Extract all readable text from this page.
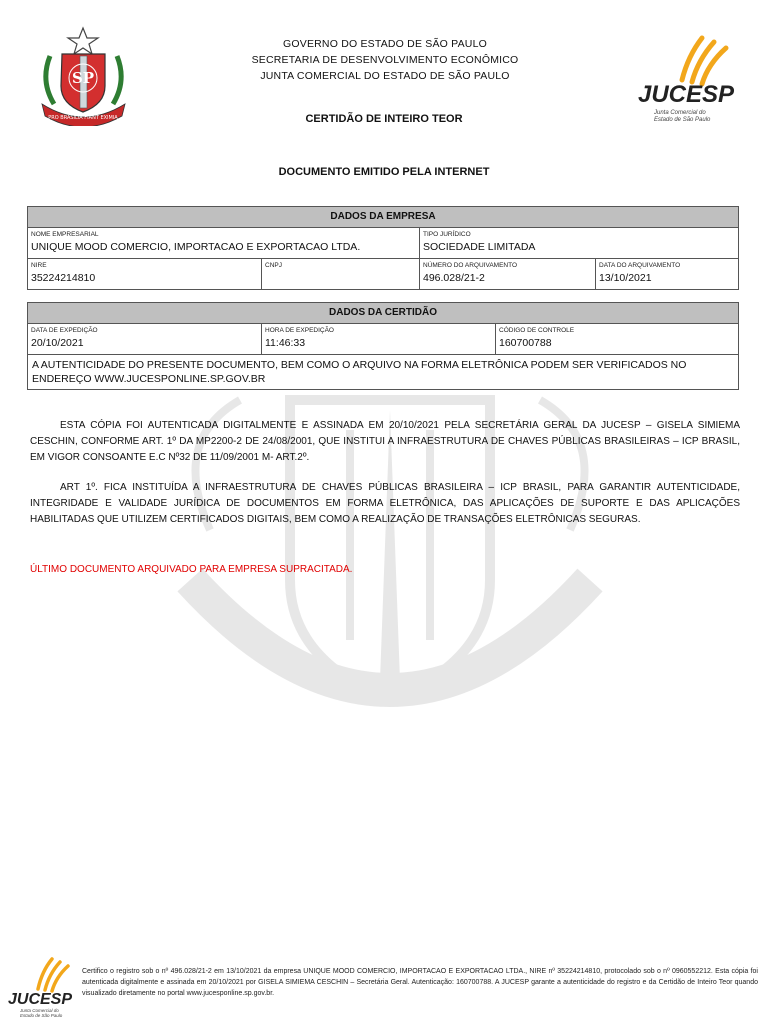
SP
PRO BRASILIA FIANT EXIMIA
GOVERNO DO ESTADO DE SÃO PAULO
SECRETARIA DE DESENVOLVIMENTO ECONÔMICO
JUNTA COMERCIAL DO ESTADO DE SÃO PAULO
JUCESP
Junta Comercial do
Estado de São Paulo
CERTIDÃO DE INTEIRO TEOR
DOCUMENTO EMITIDO PELA INTERNET
DADOS DA EMPRESA
NOME EMPRESARIAL
UNIQUE MOOD COMERCIO, IMPORTACAO E EXPORTACAO LTDA.
TIPO JURÍDICO
SOCIEDADE LIMITADA
NIRE
35224214810
CNPJ	NÚMERO DO ARQUIVAMENTO
496.028/21-2
DATA DO ARQUIVAMENTO
13/10/2021
DADOS DA CERTIDÃO
DATA DE EXPEDIÇÃO
20/10/2021
HORA DE EXPEDIÇÃO
11:46:33
CÓDIGO DE CONTROLE
160700788
A AUTENTICIDADE DO PRESENTE DOCUMENTO, BEM COMO O ARQUIVO NA FORMA ELETRÔNICA PODEM SER VERIFICADOS NO ENDEREÇO WWW.JUCESPONLINE.SP.GOV.BR
ESTA CÓPIA FOI AUTENTICADA DIGITALMENTE E ASSINADA EM 20/10/2021 PELA SECRETÁRIA GERAL DA JUCESP – GISELA SIMIEMA CESCHIN, CONFORME ART. 1º DA MP2200-2 DE 24/08/2001, QUE INSTITUI A INFRAESTRUTURA DE CHAVES PÚBLICAS BRASILEIRAS – ICP BRASIL, EM VIGOR CONSOANTE E.C Nº32 DE 11/09/2001 M- ART.2º.
ART 1º. FICA INSTITUÍDA A INFRAESTRUTURA DE CHAVES PÚBLICAS BRASILEIRA – ICP BRASIL, PARA GARANTIR AUTENTICIDADE, INTEGRIDADE E VALIDADE JURÍDICA DE DOCUMENTOS EM FORMA ELETRÔNICA, DAS APLICAÇÕES DE SUPORTE E DAS APLICAÇÕES HABILITADAS QUE UTILIZEM CERTIFICADOS DIGITAIS, BEM COMO A REALIZAÇÃO DE TRANSAÇÕES ELETRÔNICAS SEGURAS.
ÚLTIMO DOCUMENTO ARQUIVADO PARA EMPRESA SUPRACITADA.
JUCESP
Junta Comercial do
Estado de São Paulo
Certifico o registro sob o nº 496.028/21-2 em 13/10/2021 da empresa UNIQUE MOOD COMERCIO, IMPORTACAO E EXPORTACAO LTDA., NIRE nº 35224214810, protocolado sob o nº 0960552212. Esta cópia foi autenticada digitalmente e assinada em 20/10/2021 por GISELA SIMIEMA CESCHIN – Secretária Geral. Autenticação: 160700788. A JUCESP garante a autenticidade do registro e da Certidão de Inteiro Teor quando visualizado diretamente no portal www.jucesponline.sp.gov.br.
